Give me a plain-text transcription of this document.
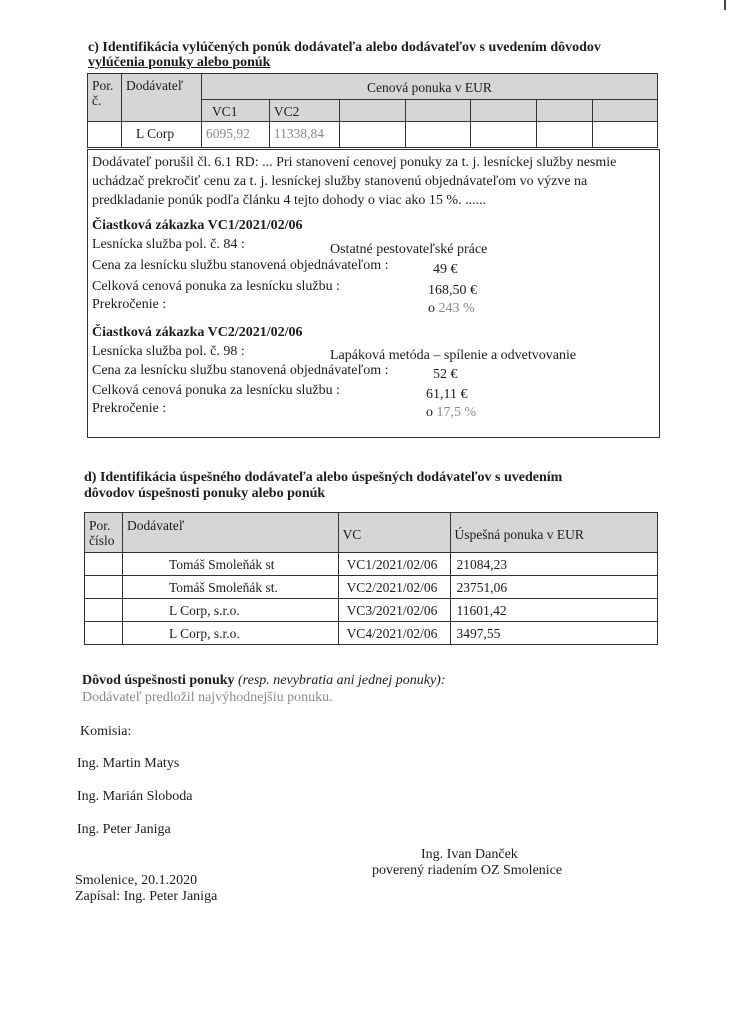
c) Identifikácia vylúčených ponúk dodávateľa alebo dodávateľov s uvedením dôvodov
vylúčenia ponuky alebo ponúk
Por.
č.	Dodávateľ	Cenová ponuka v EUR						
		VC1	VC2					
	L Corp	6095,92	11338,84					
Dodávateľ porušil čl. 6.1 RD: ... Pri stanovení cenovej ponuky za t. j. lesníckej služby nesmie
uchádzač prekročiť cenu za t. j. lesníckej služby stanovenú objednávateľom vo výzve na
predkladanie ponúk podľa článku 4 tejto dohody o viac ako 15 %. ......
Čiastková zákazka VC1/2021/02/06
Lesnícka služba pol. č. 84 :	Ostatné pestovateľské práce
Cena za lesnícku službu stanovená objednávateľom :	49 €
Celková cenová ponuka za lesnícku službu :	168,50 €
Prekročenie :	o 243 %
Čiastková zákazka VC2/2021/02/06
Lesnícka služba pol. č. 98 :	Lapáková metóda – spílenie a odvetvovanie
Cena za lesnícku službu stanovená objednávateľom :	52 €
Celková cenová ponuka za lesnícku službu :	61,11 €
Prekročenie :	o 17,5 %
d) Identifikácia úspešného dodávateľa alebo úspešných dodávateľov s uvedením
dôvodov úspešnosti ponuky alebo ponúk
Por.
číslo	Dodávateľ	VC	Úspešná ponuka v EUR
	Tomáš Smoleňák st	VC1/2021/02/06	21084,23
	Tomáš Smoleňák st.	VC2/2021/02/06	23751,06
	L Corp, s.r.o.	VC3/2021/02/06	11601,42
	L Corp, s.r.o.	VC4/2021/02/06	3497,55
Dôvod úspešnosti ponuky (resp. nevybratia ani jednej ponuky):
Dodávateľ predložil najvýhodnejšiu ponuku.
Komisia:
Ing. Martin Matys
Ing. Marián Sloboda
Ing. Peter Janiga
Ing. Ivan Danček
poverený riadením OZ Smolenice
Smolenice, 20.1.2020
Zapísal: Ing. Peter Janiga
